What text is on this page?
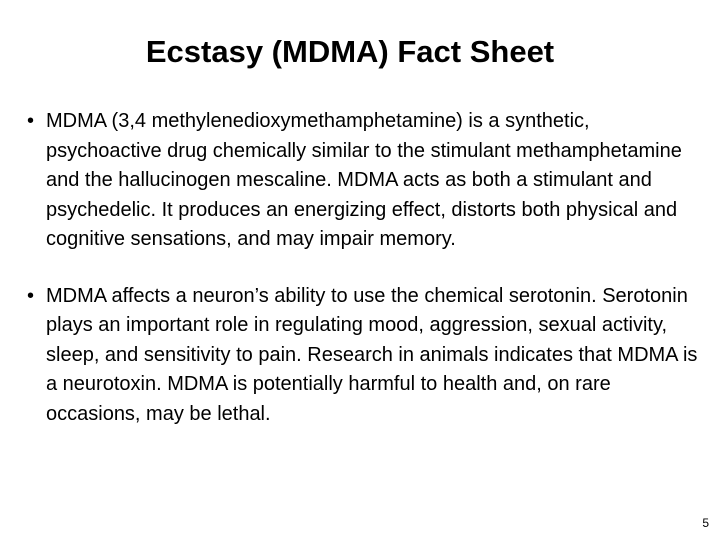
Ecstasy (MDMA) Fact Sheet
• MDMA (3,4 methylenedioxymethamphetamine) is a synthetic, psychoactive drug chemically similar to the stimulant methamphetamine and the hallucinogen mescaline. MDMA acts as both a stimulant and psychedelic. It produces an energizing effect, distorts both physical and cognitive sensations, and may impair memory.
• MDMA affects a neuron’s ability to use the chemical serotonin. Serotonin plays an important role in regulating mood, aggression, sexual activity, sleep, and sensitivity to pain. Research in animals indicates that MDMA is a neurotoxin. MDMA is potentially harmful to health and, on rare occasions, may be lethal.
5
